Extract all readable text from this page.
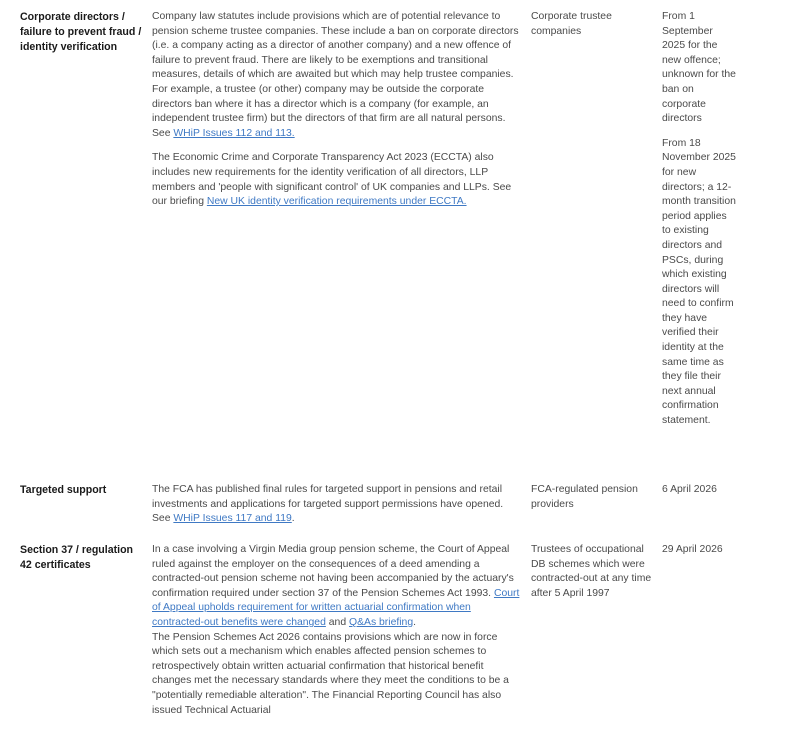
Corporate directors / failure to prevent fraud / identity verification

Company law statutes include provisions which are of potential relevance to pension scheme trustee companies. These include a ban on corporate directors (i.e. a company acting as a director of another company) and a new offence of failure to prevent fraud. There are likely to be exemptions and transitional measures, details of which are awaited but which may help trustee companies. For example, a trustee (or other) company may be outside the corporate directors ban where it has a director which is a company (for example, an independent trustee firm) but the directors of that firm are all natural persons. See WHiP Issues 112 and 113.

The Economic Crime and Corporate Transparency Act 2023 (ECCTA) also includes new requirements for the identity verification of all directors, LLP members and 'people with significant control' of UK companies and LLPs. See our briefing New UK identity verification requirements under ECCTA.

Corporate trustee companies

From 1 September 2025 for the new offence; unknown for the ban on corporate directors

From 18 November 2025 for new directors; a 12-month transition period applies to existing directors and PSCs, during which existing directors will need to confirm they have verified their identity at the same time as they file their next annual confirmation statement.

Targeted support	The FCA has published final rules for targeted support in pensions and retail investments and applications for targeted support permissions have opened. See WHiP Issues 117 and 119.

FCA-regulated pension providers
6 April 2026
Section 37 / regulation 42 certificates

In a case involving a Virgin Media group pension scheme, the Court of Appeal ruled against the employer on the consequences of a deed amending a contracted-out pension scheme not having been accompanied by the actuary's confirmation required under section 37 of the Pension Schemes Act 1993. Court of Appeal upholds requirement for written actuarial confirmation when contracted-out benefits were changed and Q&As briefing.

The Pension Schemes Act 2026 contains provisions which are now in force which sets out a mechanism which enables affected pension schemes to retrospectively obtain written actuarial confirmation that historical benefit changes met the necessary standards where they meet the conditions to be a "potentially remediable alteration". The Financial Reporting Council has also issued Technical Actuarial

Trustees of occupational DB schemes which were contracted-out at any time after 5 April 1997
29 April 2026
